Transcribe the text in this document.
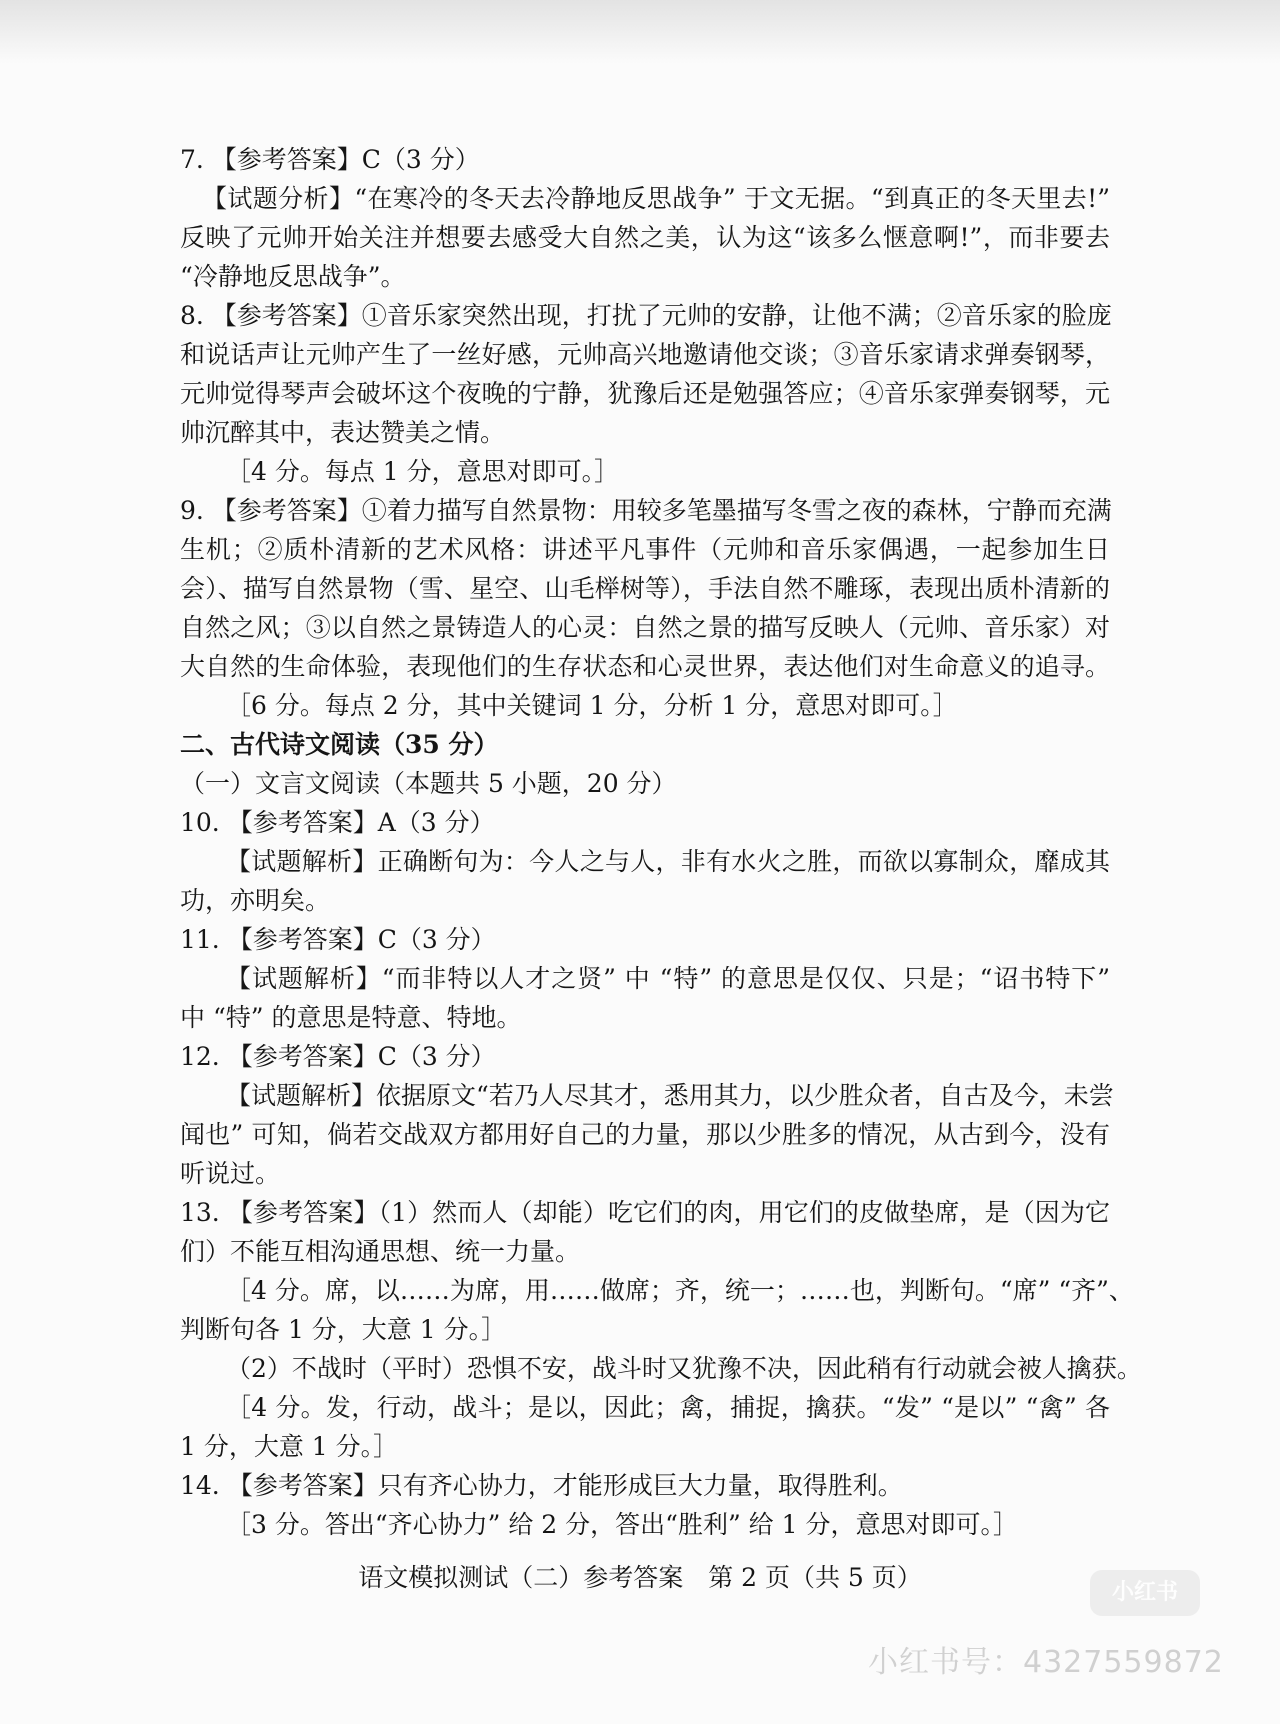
7. 【参考答案】C（3 分）
【试题分析】“在寒冷的冬天去冷静地反思战争” 于文无据。“到真正的冬天里去!”
反映了元帅开始关注并想要去感受大自然之美，认为这“该多么惬意啊!”，而非要去
“冷静地反思战争”。
8. 【参考答案】①音乐家突然出现，打扰了元帅的安静，让他不满；②音乐家的脸庞
和说话声让元帅产生了一丝好感，元帅高兴地邀请他交谈；③音乐家请求弹奏钢琴，
元帅觉得琴声会破坏这个夜晚的宁静，犹豫后还是勉强答应；④音乐家弹奏钢琴，元
帅沉醉其中，表达赞美之情。
［4 分。每点 1 分，意思对即可。］
9. 【参考答案】①着力描写自然景物：用较多笔墨描写冬雪之夜的森林，宁静而充满
生机；②质朴清新的艺术风格：讲述平凡事件（元帅和音乐家偶遇，一起参加生日
会）、描写自然景物（雪、星空、山毛榉树等），手法自然不雕琢，表现出质朴清新的
自然之风；③以自然之景铸造人的心灵：自然之景的描写反映人（元帅、音乐家）对
大自然的生命体验，表现他们的生存状态和心灵世界，表达他们对生命意义的追寻。
［6 分。每点 2 分，其中关键词 1 分，分析 1 分，意思对即可。］
二、古代诗文阅读（35 分）
（一）文言文阅读（本题共 5 小题，20 分）
10. 【参考答案】A（3 分）
【试题解析】正确断句为：今人之与人，非有水火之胜，而欲以寡制众，靡成其
功，亦明矣。
11. 【参考答案】C（3 分）
【试题解析】“而非特以人才之贤” 中 “特” 的意思是仅仅、只是；“诏书特下”
中 “特” 的意思是特意、特地。
12. 【参考答案】C（3 分）
【试题解析】依据原文“若乃人尽其才，悉用其力，以少胜众者，自古及今，未尝
闻也” 可知，倘若交战双方都用好自己的力量，那以少胜多的情况，从古到今，没有
听说过。
13. 【参考答案】（1）然而人（却能）吃它们的肉，用它们的皮做垫席，是（因为它
们）不能互相沟通思想、统一力量。
［4 分。席，以……为席，用……做席；齐，统一；……也，判断句。“席” “齐”、
判断句各 1 分，大意 1 分。］
（2）不战时（平时）恐惧不安，战斗时又犹豫不决，因此稍有行动就会被人擒获。
［4 分。发，行动，战斗；是以，因此；禽，捕捉，擒获。“发” “是以” “禽” 各
1 分，大意 1 分。］
14. 【参考答案】只有齐心协力，才能形成巨大力量，取得胜利。
［3 分。答出“齐心协力” 给 2 分，答出“胜利” 给 1 分，意思对即可。］
语文模拟测试（二）参考答案　第 2 页（共 5 页）
小红书
小红书号：4327559872
